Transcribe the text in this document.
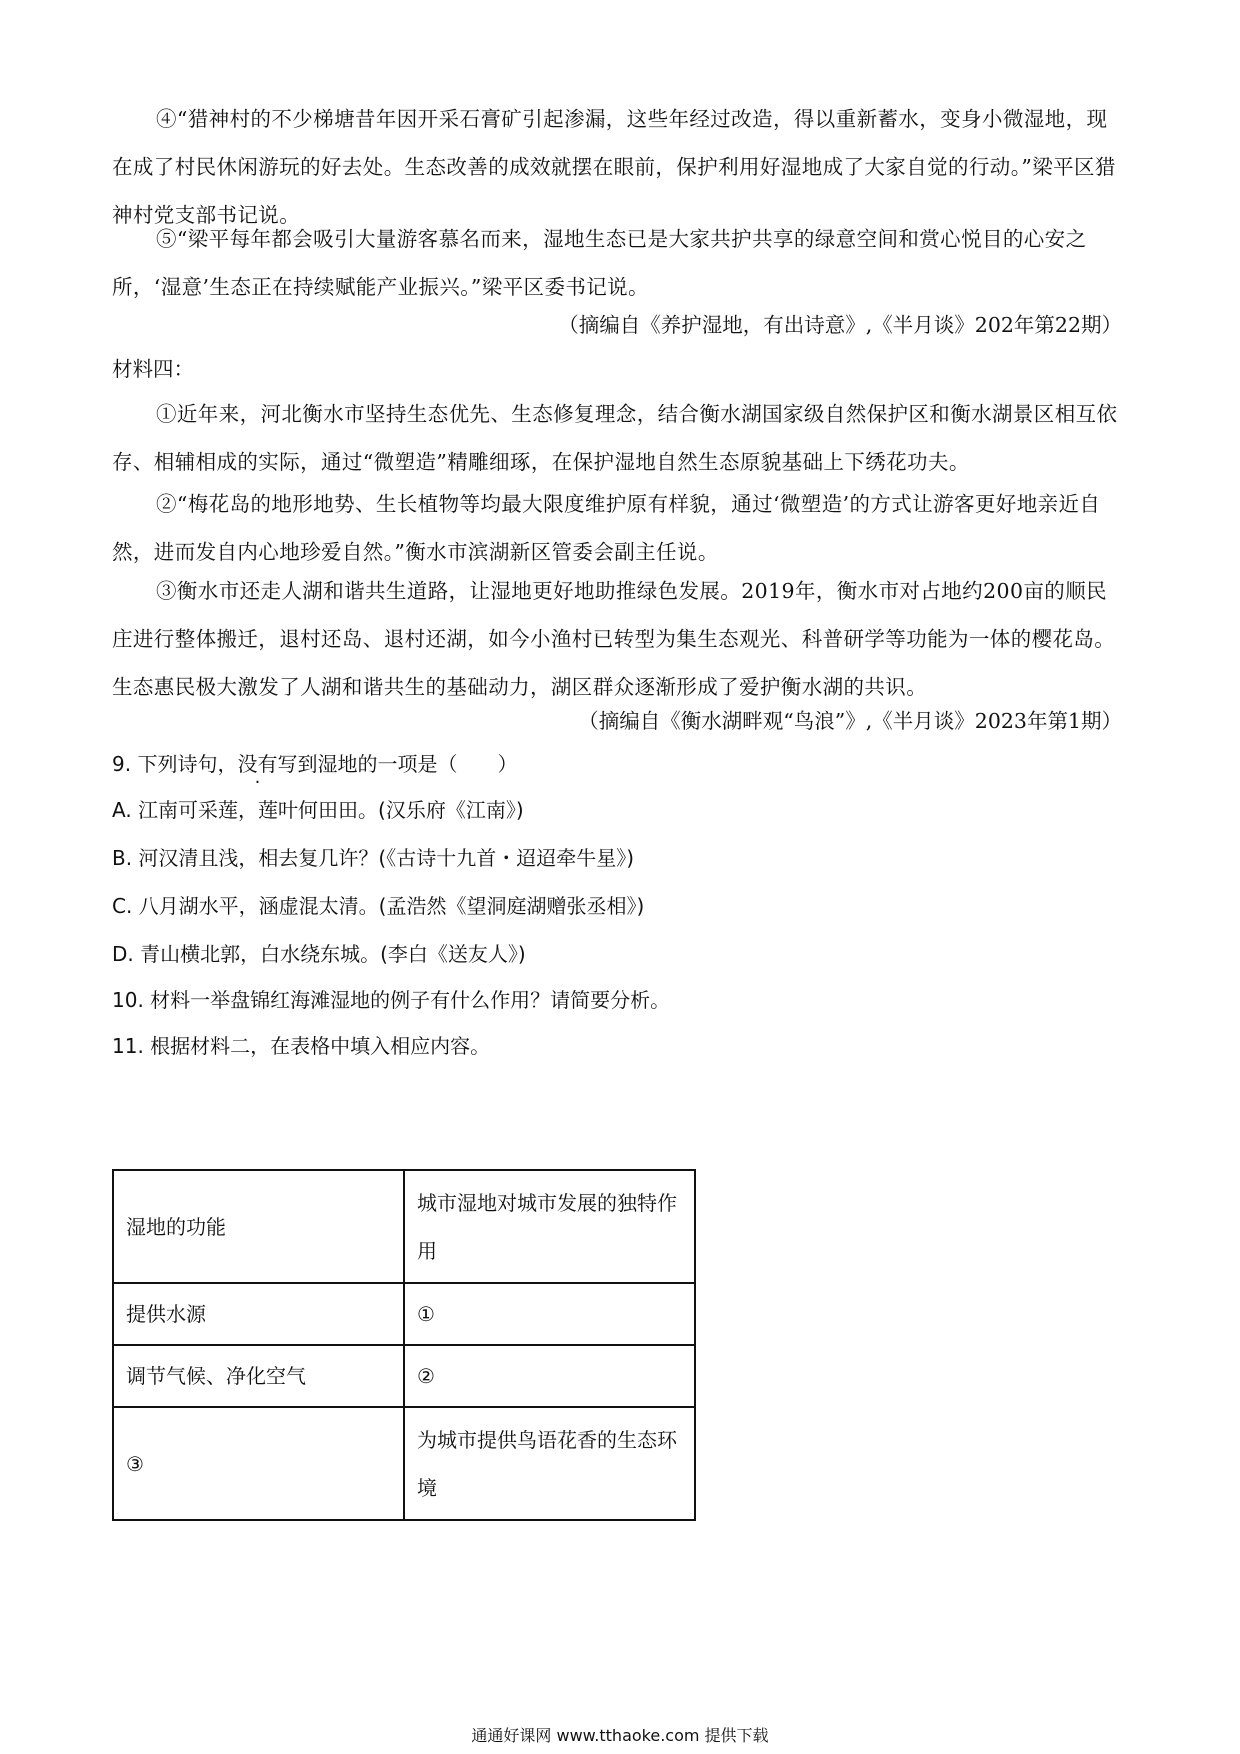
④“猎神村的不少梯塘昔年因开采石膏矿引起渗漏，这些年经过改造，得以重新蓄水，变身小微湿地，现在成了村民休闲游玩的好去处。生态改善的成效就摆在眼前，保护利用好湿地成了大家自觉的行动。”梁平区猎神村党支部书记说。

⑤“梁平每年都会吸引大量游客慕名而来，湿地生态已是大家共护共享的绿意空间和赏心悦目的心安之所，‘湿意’生态正在持续赋能产业振兴。”梁平区委书记说。

（摘编自《养护湿地，有出诗意》,《半月谈》202年第22期）

材料四：

①近年来，河北衡水市坚持生态优先、生态修复理念，结合衡水湖国家级自然保护区和衡水湖景区相互依存、相辅相成的实际，通过“微塑造”精雕细琢，在保护湿地自然生态原貌基础上下绣花功夫。

②“梅花岛的地形地势、生长植物等均最大限度维护原有样貌，通过‘微塑造’的方式让游客更好地亲近自然，进而发自内心地珍爱自然。”衡水市滨湖新区管委会副主任说。

③衡水市还走人湖和谐共生道路，让湿地更好地助推绿色发展。2019年，衡水市对占地约200亩的顺民庄进行整体搬迁，退村还岛、退村还湖，如今小渔村已转型为集生态观光、科普研学等功能为一体的樱花岛。生态惠民极大激发了人湖和谐共生的基础动力，湖区群众逐渐形成了爱护衡水湖的共识。

（摘编自《衡水湖畔观“鸟浪”》,《半月谈》2023年第1期）

9. 下列诗句，没有写到湿地的一项是（　　）

A. 江南可采莲，莲叶何田田。(汉乐府《江南》)

B. 河汉清且浅，相去复几许？(《古诗十九首・迢迢牵牛星》)

C. 八月湖水平，涵虚混太清。(孟浩然《望洞庭湖赠张丞相》)

D. 青山横北郭，白水绕东城。(李白《送友人》)

10. 材料一举盘锦红海滩湿地的例子有什么作用？请简要分析。

11. 根据材料二，在表格中填入相应内容。

湿地的功能	城市湿地对城市发展的独特作用
提供水源	①
调节气候、净化空气	②
③	为城市提供鸟语花香的生态环境
通通好课网 www.tthaoke.com 提供下载
